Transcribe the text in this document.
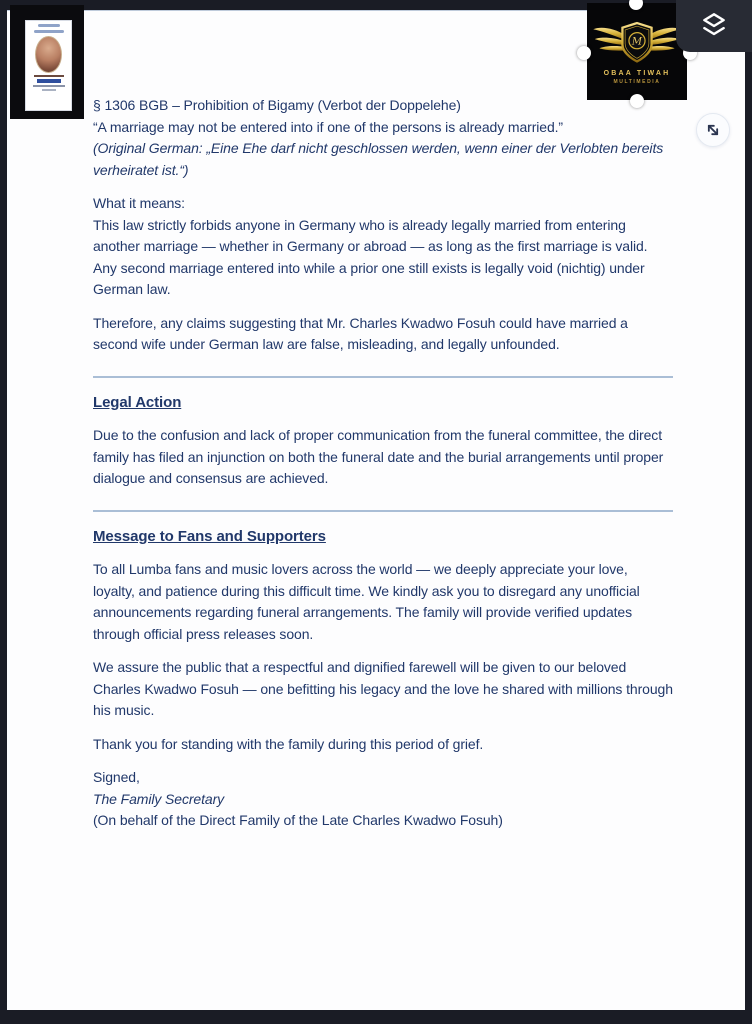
§ 1306 BGB – Prohibition of Bigamy (Verbot der Doppelehe)

“A marriage may not be entered into if one of the persons is already married.”

(Original German: „Eine Ehe darf nicht geschlossen werden, wenn einer der Verlobten bereits verheiratet ist.“)

What it means:

This law strictly forbids anyone in Germany who is already legally married from entering another marriage — whether in Germany or abroad — as long as the first marriage is valid. Any second marriage entered into while a prior one still exists is legally void (nichtig) under German law.

Therefore, any claims suggesting that Mr. Charles Kwadwo Fosuh could have married a second wife under German law are false, misleading, and legally unfounded.

Legal Action

Due to the confusion and lack of proper communication from the funeral committee, the direct family has filed an injunction on both the funeral date and the burial arrangements until proper dialogue and consensus are achieved.

Message to Fans and Supporters

To all Lumba fans and music lovers across the world — we deeply appreciate your love, loyalty, and patience during this difficult time. We kindly ask you to disregard any unofficial announcements regarding funeral arrangements. The family will provide verified updates through official press releases soon.

We assure the public that a respectful and dignified farewell will be given to our beloved Charles Kwadwo Fosuh — one befitting his legacy and the love he shared with millions through his music.

Thank you for standing with the family during this period of grief.

Signed,

The Family Secretary

(On behalf of the Direct Family of the Late Charles Kwadwo Fosuh)

M
OBAA TIWAH
MULTIMEDIA
